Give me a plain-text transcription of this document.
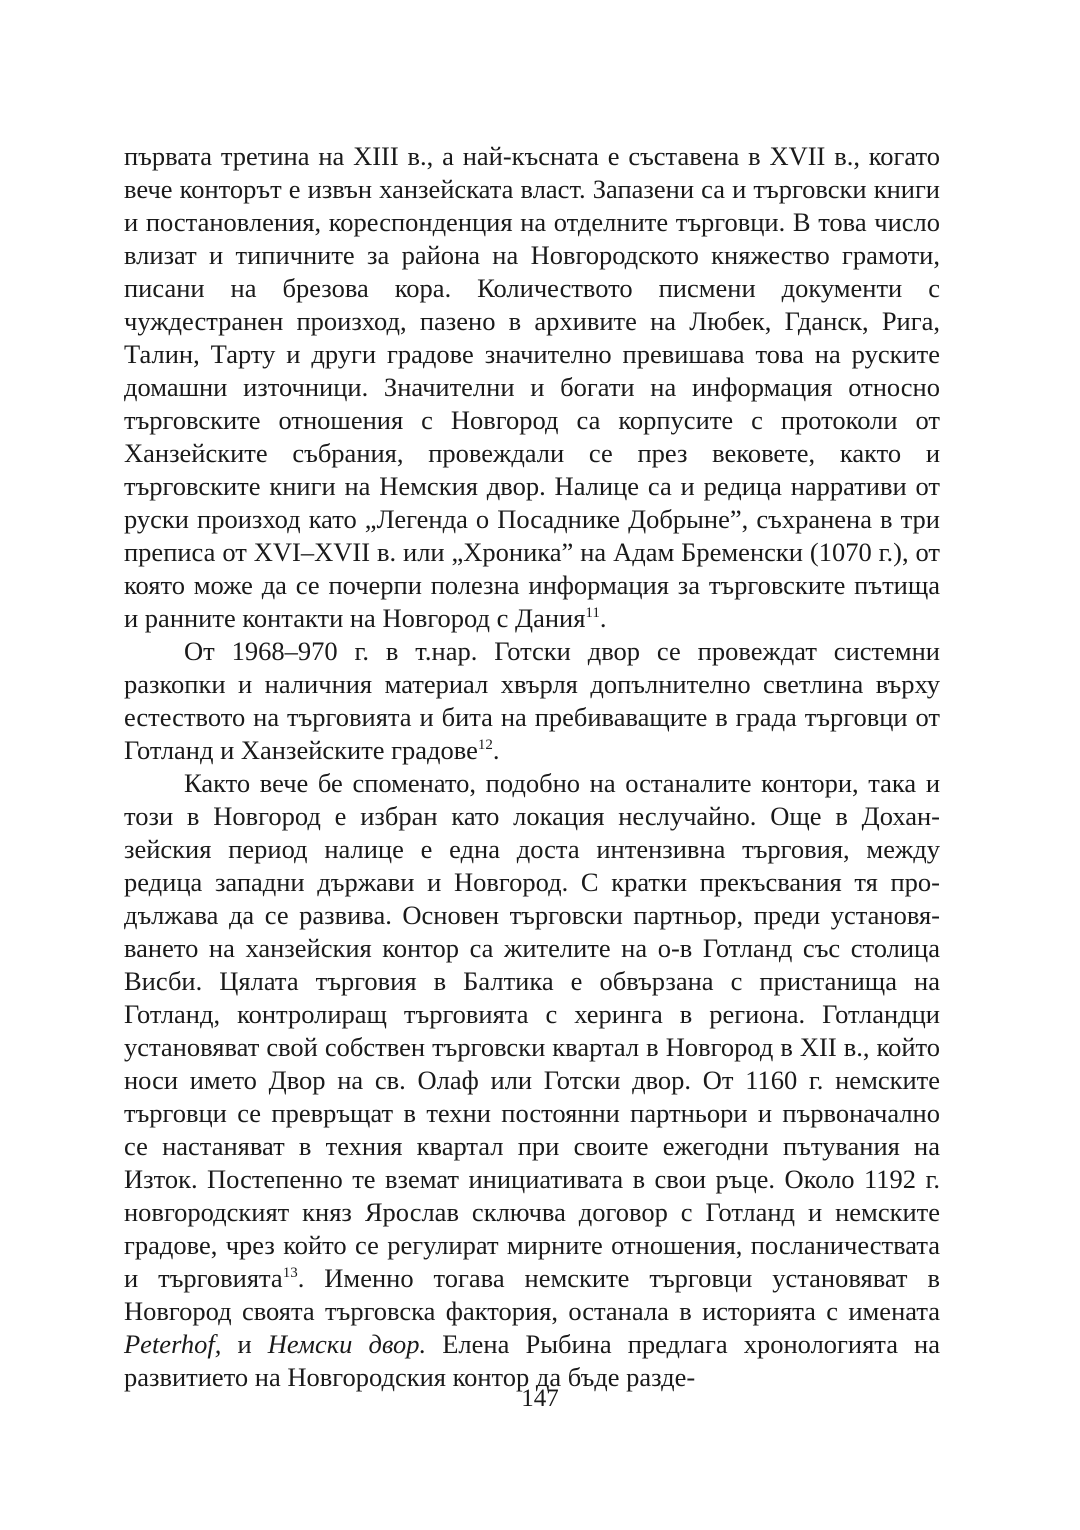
първата третина на XIII в., а най-късната е съставена в XVII в., когато вече конторът е извън ханзейската власт. Запазени са и търговски книги и постановления, кореспонденция на отделните търговци. В това число влизат и типичните за района на Новгородското княжество грамоти, писани на брезова кора. Количеството писмени документи с чуждестранен произход, пазено в архивите на Любек, Гданск, Рига, Талин, Тарту и други градове значително превишава това на руските домашни източници. Значителни и богати на информация относно търговските отношения с Новгород са корпусите с протоколи от Ханзейските събрания, провеждали се през вековете, както и търговските книги на Немския двор. Налице са и редица нарративи от руски произход като „Легенда о Посаднике Добрыне”, съхранена в три преписа от XVI–XVII в. или „Хроника” на Адам Бременски (1070 г.), от която може да се почерпи полезна информация за търговските пътища и ранните контакти на Новгород с Дания$^{11}$.

От 1968–970 г. в т.нар. Готски двор се провеждат системни разкопки и наличния материал хвърля допълнително светлина върху естеството на търговията и бита на пребиваващите в града търговци от Готланд и Ханзейските градове$^{12}$.

Както вече бе споменато, подобно на останалите контори, така и този в Новгород е избран като локация неслучайно. Още в Доханзейския период налице е една доста интензивна търговия, между редица западни държави и Новгород. С кратки прекъсвания тя продължава да се развива. Основен търговски партньор, преди установяването на ханзейския контор са жителите на о-в Готланд със столица Висби. Цялата търговия в Балтика е обвързана с пристанища на Готланд, контролиращ търговията с херинга в региона. Готландци установяват свой собствен търговски квартал в Новгород в XII в., който носи името Двор на св. Олаф или Готски двор. От 1160 г. немските търговци се превръщат в техни постоянни партньори и първоначално се настаняват в техния квартал при своите ежегодни пътувания на Изток. Постепенно те вземат инициативата в свои ръце. Около 1192 г. новгородският княз Ярослав сключва договор с Готланд и немските градове, чрез който се регулират мирните отношения, посланичествата и търговията$^{13}$. Именно тогава немските търговци установяват в Новгород своята търговска фактория, останала в историята с имената Peterhof, и Немски двор. Елена Рыбина предлага хронологията на развитието на Новгородския контор да бъде разде-

147
